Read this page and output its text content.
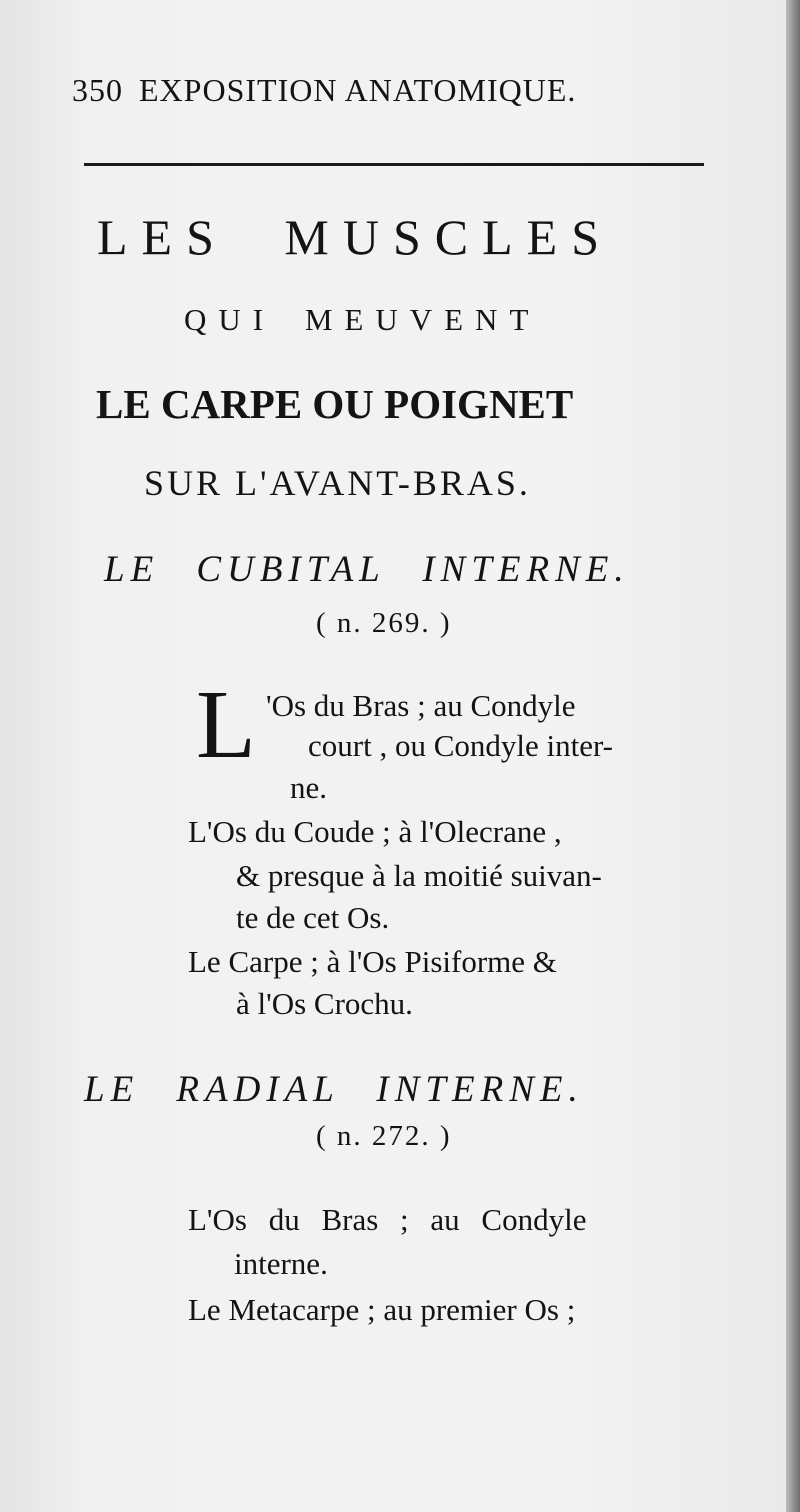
350 EXPOSITION ANATOMIQUE.
LES MUSCLES
QUI MEUVENT
LE CARPE OU POIGNET
SUR L'AVANT-BRAS.
LE CUBITAL INTERNE.
( n. 269. )
L 'Os du Bras ; au Condyle
court , ou Condyle inter-
ne.
L'Os du Coude ; à l'Olecrane ,
& presque à la moitié suivan-
te de cet Os.
Le Carpe ; à l'Os Pisiforme &
à l'Os Crochu.
LE RADIAL INTERNE.
( n. 272. )
L'Os du Bras ; au Condyle
interne.
Le Metacarpe ; au premier Os ;
